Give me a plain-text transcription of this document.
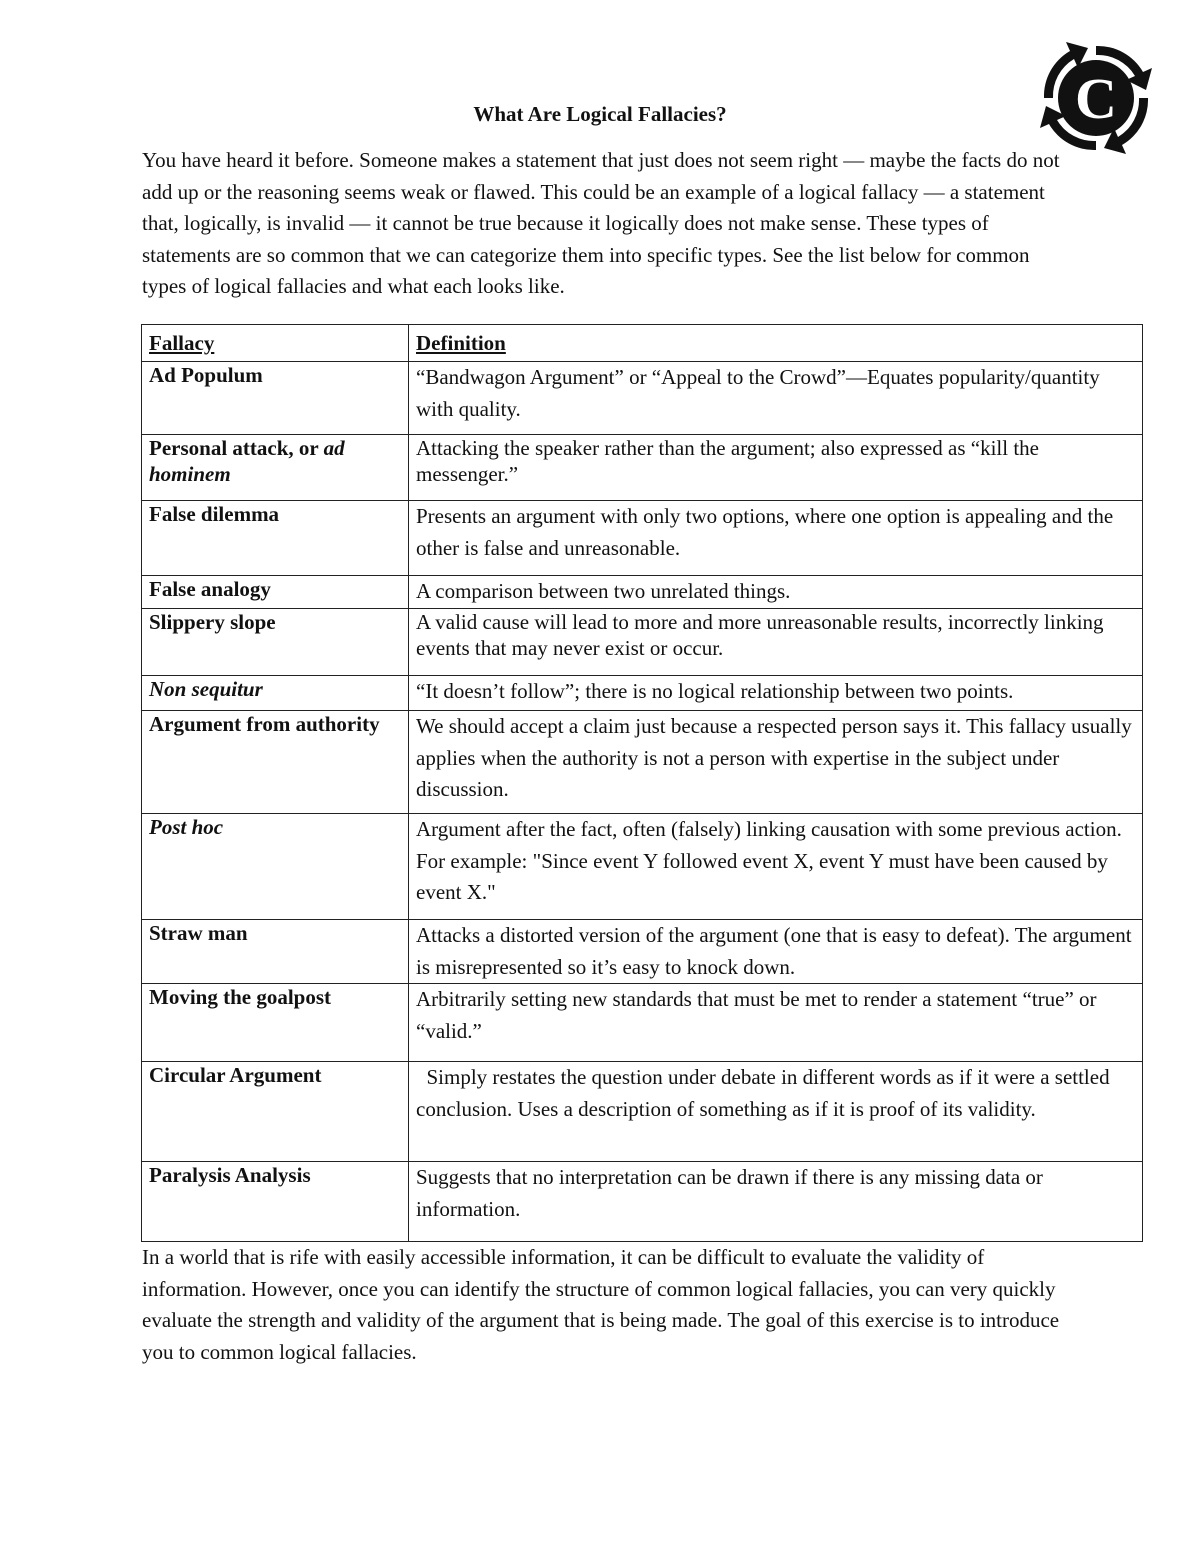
C
What Are Logical Fallacies?

You have heard it before. Someone makes a statement that just does not seem right — maybe the facts do not add up or the reasoning seems weak or flawed. This could be an example of a logical fallacy — a statement that, logically, is invalid — it cannot be true because it logically does not make sense. These types of statements are so common that we can categorize them into specific types. See the list below for common types of logical fallacies and what each looks like.

Fallacy	Definition
Ad Populum	“Bandwagon Argument” or “Appeal to the Crowd”—Equates popularity/quantity with quality.
Personal attack, or ad hominem	Attacking the speaker rather than the argument; also expressed as “kill the messenger.”
False dilemma	Presents an argument with only two options, where one option is appealing and the other is false and unreasonable.
False analogy	A comparison between two unrelated things.
Slippery slope	A valid cause will lead to more and more unreasonable results, incorrectly linking events that may never exist or occur.
Non sequitur	“It doesn’t follow”; there is no logical relationship between two points.
Argument from authority	We should accept a claim just because a respected person says it. This fallacy usually applies when the authority is not a person with expertise in the subject under discussion.
Post hoc	Argument after the fact, often (falsely) linking causation with some previous action. For example: "Since event Y followed event X, event Y must have been caused by event X."
Straw man	Attacks a distorted version of the argument (one that is easy to defeat). The argument is misrepresented so it’s easy to knock down.
Moving the goalpost	Arbitrarily setting new standards that must be met to render a statement “true” or “valid.”
Circular Argument	Simply restates the question under debate in different words as if it were a settled conclusion. Uses a description of something as if it is proof of its validity.
Paralysis Analysis	Suggests that no interpretation can be drawn if there is any missing data or information.

In a world that is rife with easily accessible information, it can be difficult to evaluate the validity of information. However, once you can identify the structure of common logical fallacies, you can very quickly evaluate the strength and validity of the argument that is being made. The goal of this exercise is to introduce you to common logical fallacies.
